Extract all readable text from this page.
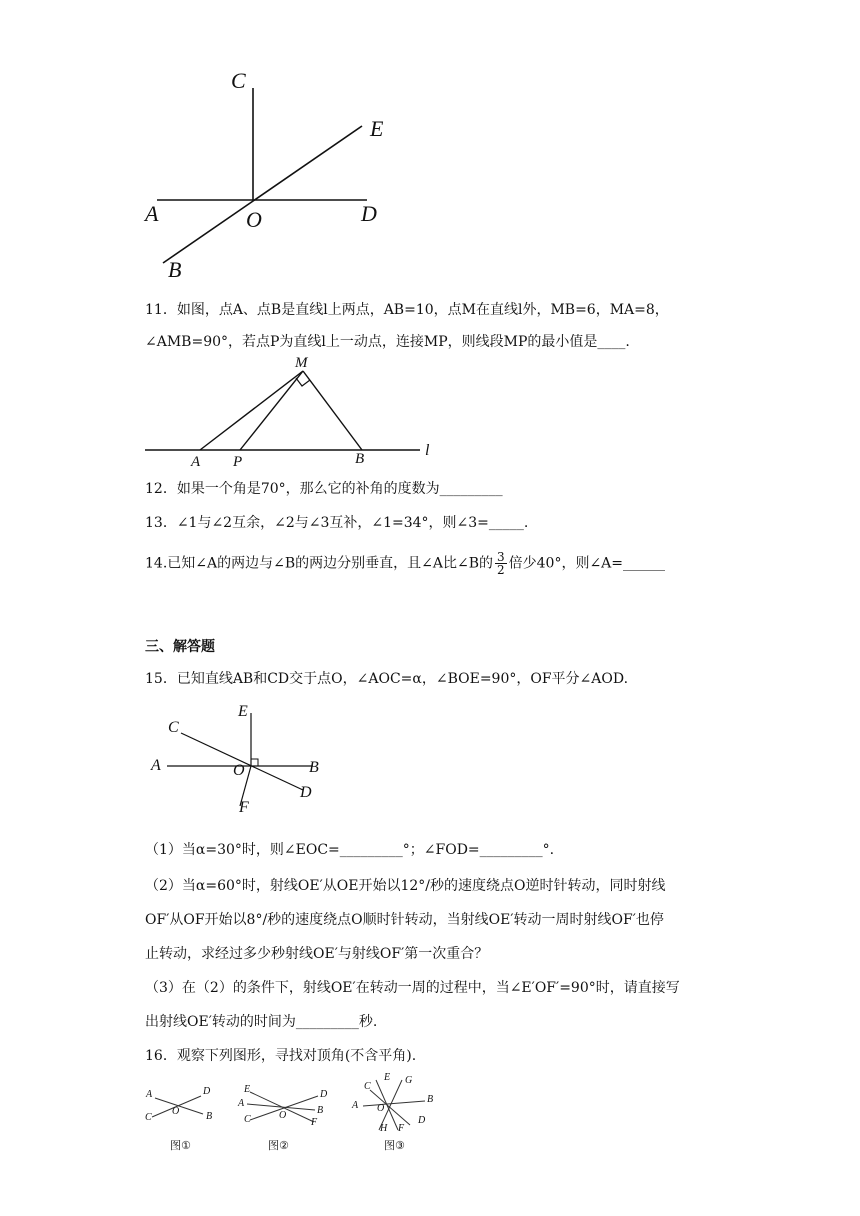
C
E
A	O	D
B
11．如图，点A、点B是直线l上两点，AB=10，点M在直线l外，MB=6，MA=8，
∠AMB=90°，若点P为直线l上一动点，连接MP，则线段MP的最小值是____.
M
A P	B	l
12．如果一个角是70°，那么它的补角的度数为_________
13．∠1与∠2互余，∠2与∠3互补，∠1=34°，则∠3=_____.
14.已知∠A的两边与∠B的两边分别垂直，且∠A比∠B的 $\frac{3}{2}$ 倍少40°，则∠A=______
三、解答题
15．已知直线AB和CD交于点O，∠AOC=α，∠BOE=90°，OF平分∠AOD.
E
C
A	O	B
D
F
（1）当α=30°时，则∠EOC=_________°；∠FOD=_________°.
（2）当α=60°时，射线OE′从OE开始以12°/秒的速度绕点O逆时针转动，同时射线
OF′从OF开始以8°/秒的速度绕点O顺时针转动，当射线OE′转动一周时射线OF′也停
止转动，求经过多少秒射线OE′与射线OF′第一次重合？
（3）在（2）的条件下，射线OE′在转动一周的过程中，当∠E′OF′=90°时，请直接写
出射线OE′转动的时间为_________秒.
16．观察下列图形，寻找对顶角(不含平角).
A	D
O
C	B
图①
E	D
A
O	B
C	F
图②
E G
C
A O
B
H F
D
图③
